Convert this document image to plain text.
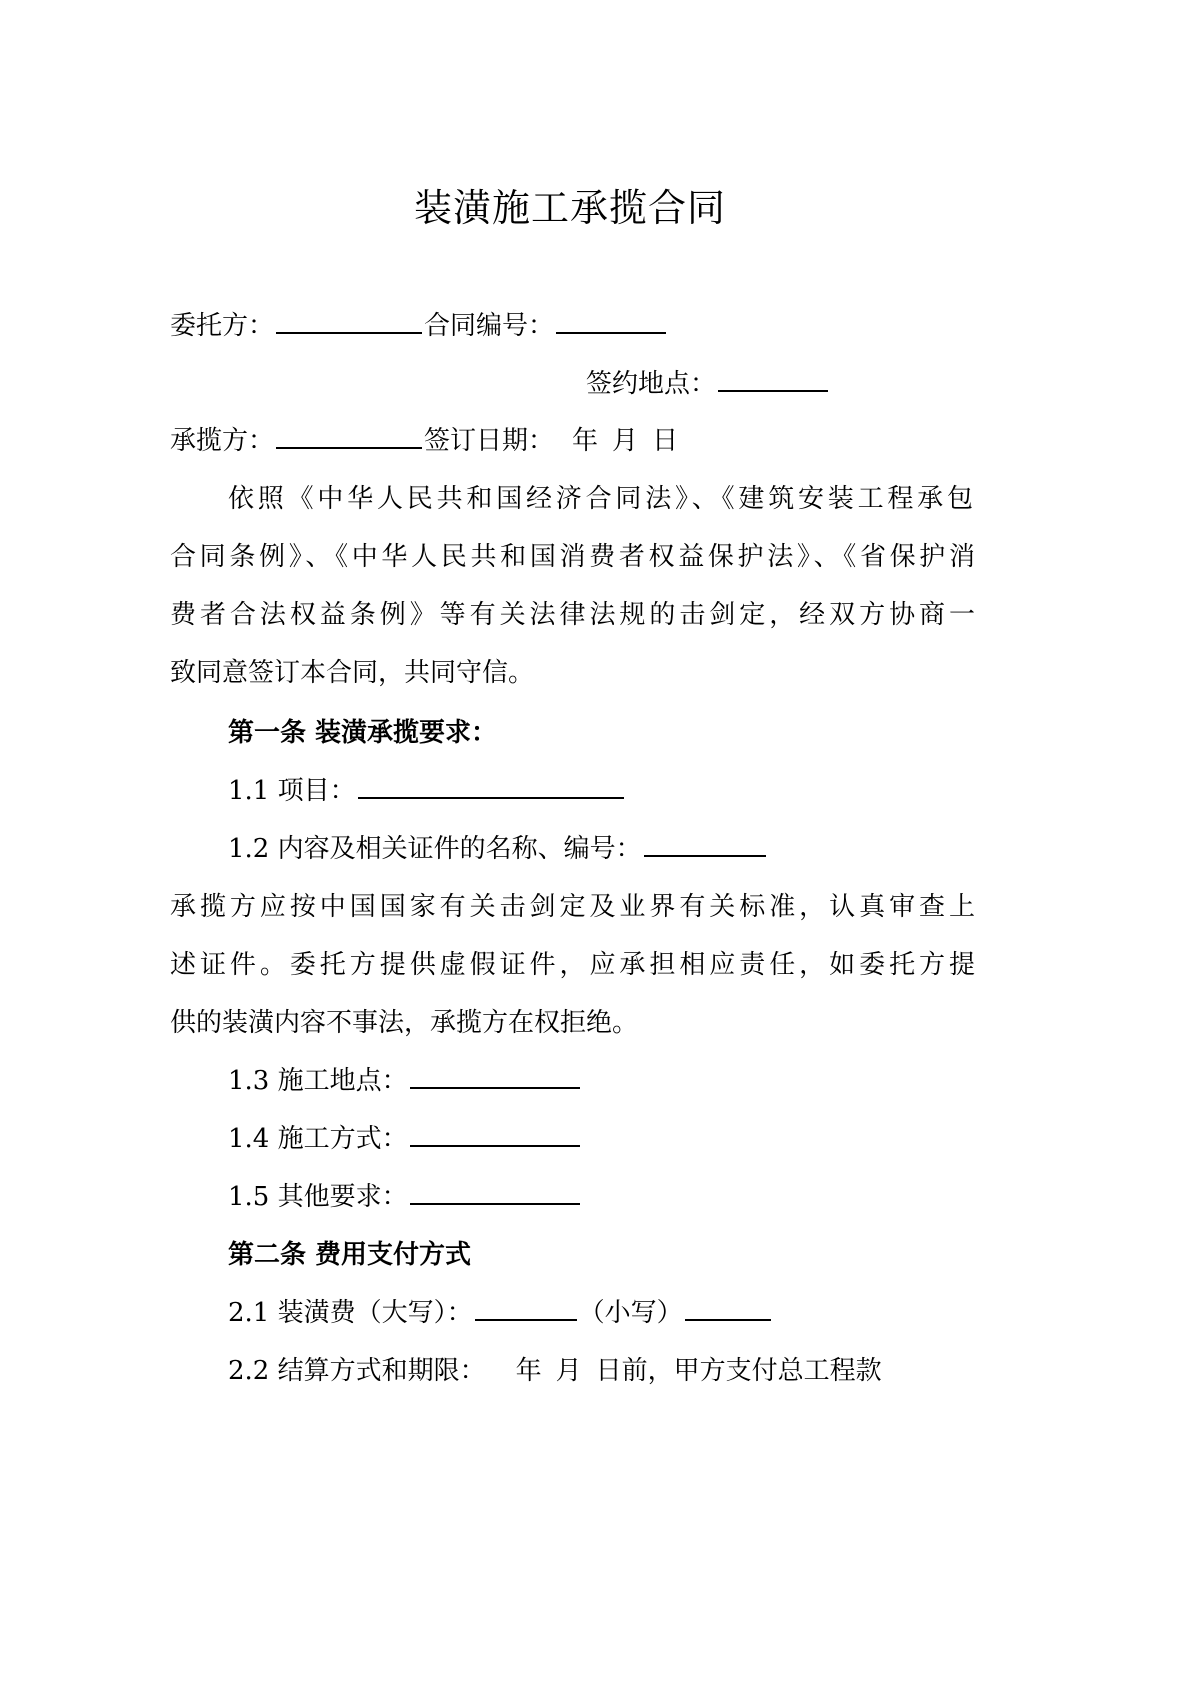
装潢施工承揽合同
委托方：	合同编号：
签约地点：
承揽方：	签订日期： 年 月 日
依照《中华人民共和国经济合同法》、《建筑安装工程承包
合同条例》、《中华人民共和国消费者权益保护法》、《省保护消
费者合法权益条例》等有关法律法规的击剑定，经双方协商一
致同意签订本合同，共同守信。
第一条 装潢承揽要求：
1.1 项目：
1.2 内容及相关证件的名称、编号：
承揽方应按中国国家有关击剑定及业界有关标准，认真审查上
述证件。委托方提供虚假证件，应承担相应责任，如委托方提
供的装潢内容不事法，承揽方在权拒绝。
1.3 施工地点：
1.4 施工方式：
1.5 其他要求：
第二条 费用支付方式
2.1 装潢费（大写）：	（小写）
2.2 结算方式和期限： 年 月 日前，甲方支付总工程款
